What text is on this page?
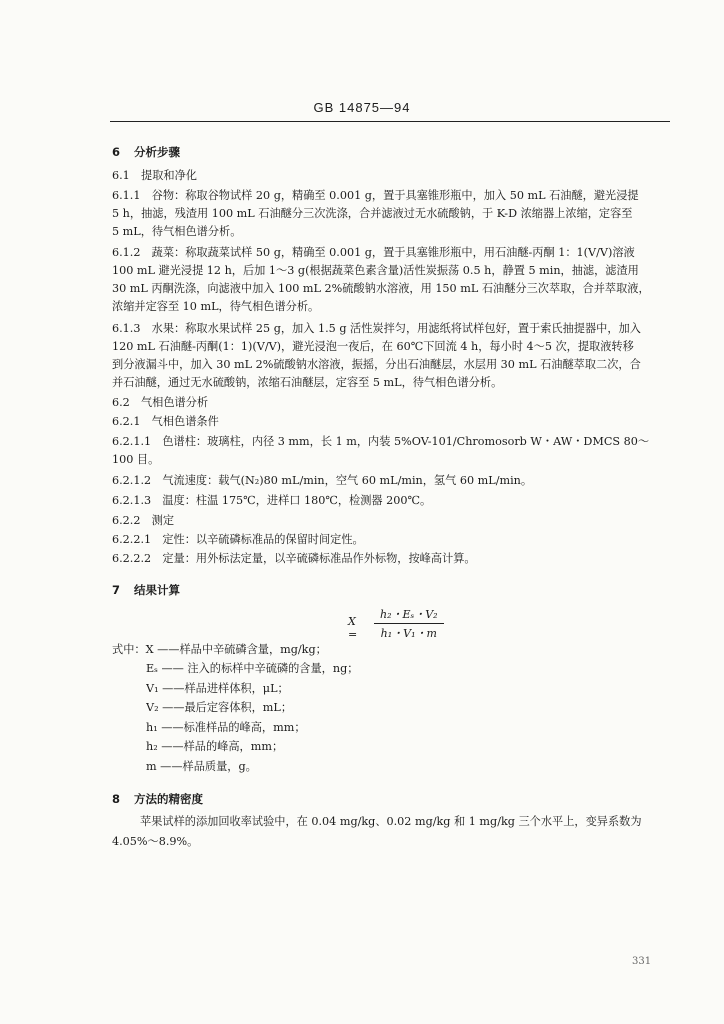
GB 14875—94
6 分析步骤
6.1　 提取和净化
6.1.1　谷物：称取谷物试样 20 g，精确至 0.001 g，置于具塞锥形瓶中，加入 50 mL 石油醚，避光浸提
5 h，抽滤，残渣用 100 mL 石油醚分三次洗涤，合并滤液过无水硫酸钠，于 K-D 浓缩器上浓缩，定容至
5 mL，待气相色谱分析。
6.1.2　蔬菜：称取蔬菜试样 50 g，精确至 0.001 g，置于具塞锥形瓶中，用石油醚-丙酮 1：1(V/V)溶液
100 mL 避光浸提 12 h，后加 1～3 g(根据蔬菜色素含量)活性炭振荡 0.5 h，静置 5 min，抽滤，滤渣用
30 mL 丙酮洗涤，向滤液中加入 100 mL 2%硫酸钠水溶液，用 150 mL 石油醚分三次萃取，合并萃取液，
浓缩并定容至 10 mL，待气相色谱分析。
6.1.3　水果：称取水果试样 25 g，加入 1.5 g 活性炭拌匀，用滤纸将试样包好，置于索氏抽提器中，加入
120 mL 石油醚-丙酮(1：1)(V/V)，避光浸泡一夜后，在 60℃下回流 4 h，每小时 4～5 次，提取液转移
到分液漏斗中，加入 30 mL 2%硫酸钠水溶液，振摇，分出石油醚层，水层用 30 mL 石油醚萃取二次，合
并石油醚，通过无水硫酸钠，浓缩石油醚层，定容至 5 mL，待气相色谱分析。
6.2　气相色谱分析
6.2.1　气相色谱条件
6.2.1.1　色谱柱：玻璃柱，内径 3 mm，长 1 m，内装 5%OV-101/Chromosorb W・AW・DMCS 80～
100 目。
6.2.1.2　气流速度：载气(N₂)80 mL/min，空气 60 mL/min，氢气 60 mL/min。
6.2.1.3　温度：柱温 175℃，进样口 180℃，检测器 200℃。
6.2.2　测定
6.2.2.1　定性：以辛硫磷标准品的保留时间定性。
6.2.2.2　定量：用外标法定量，以辛硫磷标准品作外标物，按峰高计算。
7 结果计算
X =
h₂・Eₛ・V₂
h₁・V₁・m
式中：X ——样品中辛硫磷含量，mg/kg；
Eₛ —— 注入的标样中辛硫磷的含量，ng；
V₁ ——样品进样体积，μL；
V₂ ——最后定容体积，mL；
h₁ ——标准样品的峰高，mm；
h₂ ——样品的峰高，mm；
m ——样品质量，g。
8 方法的精密度
苹果试样的添加回收率试验中，在 0.04 mg/kg、0.02 mg/kg 和 1 mg/kg 三个水平上，变异系数为
4.05%～8.9%。
331
